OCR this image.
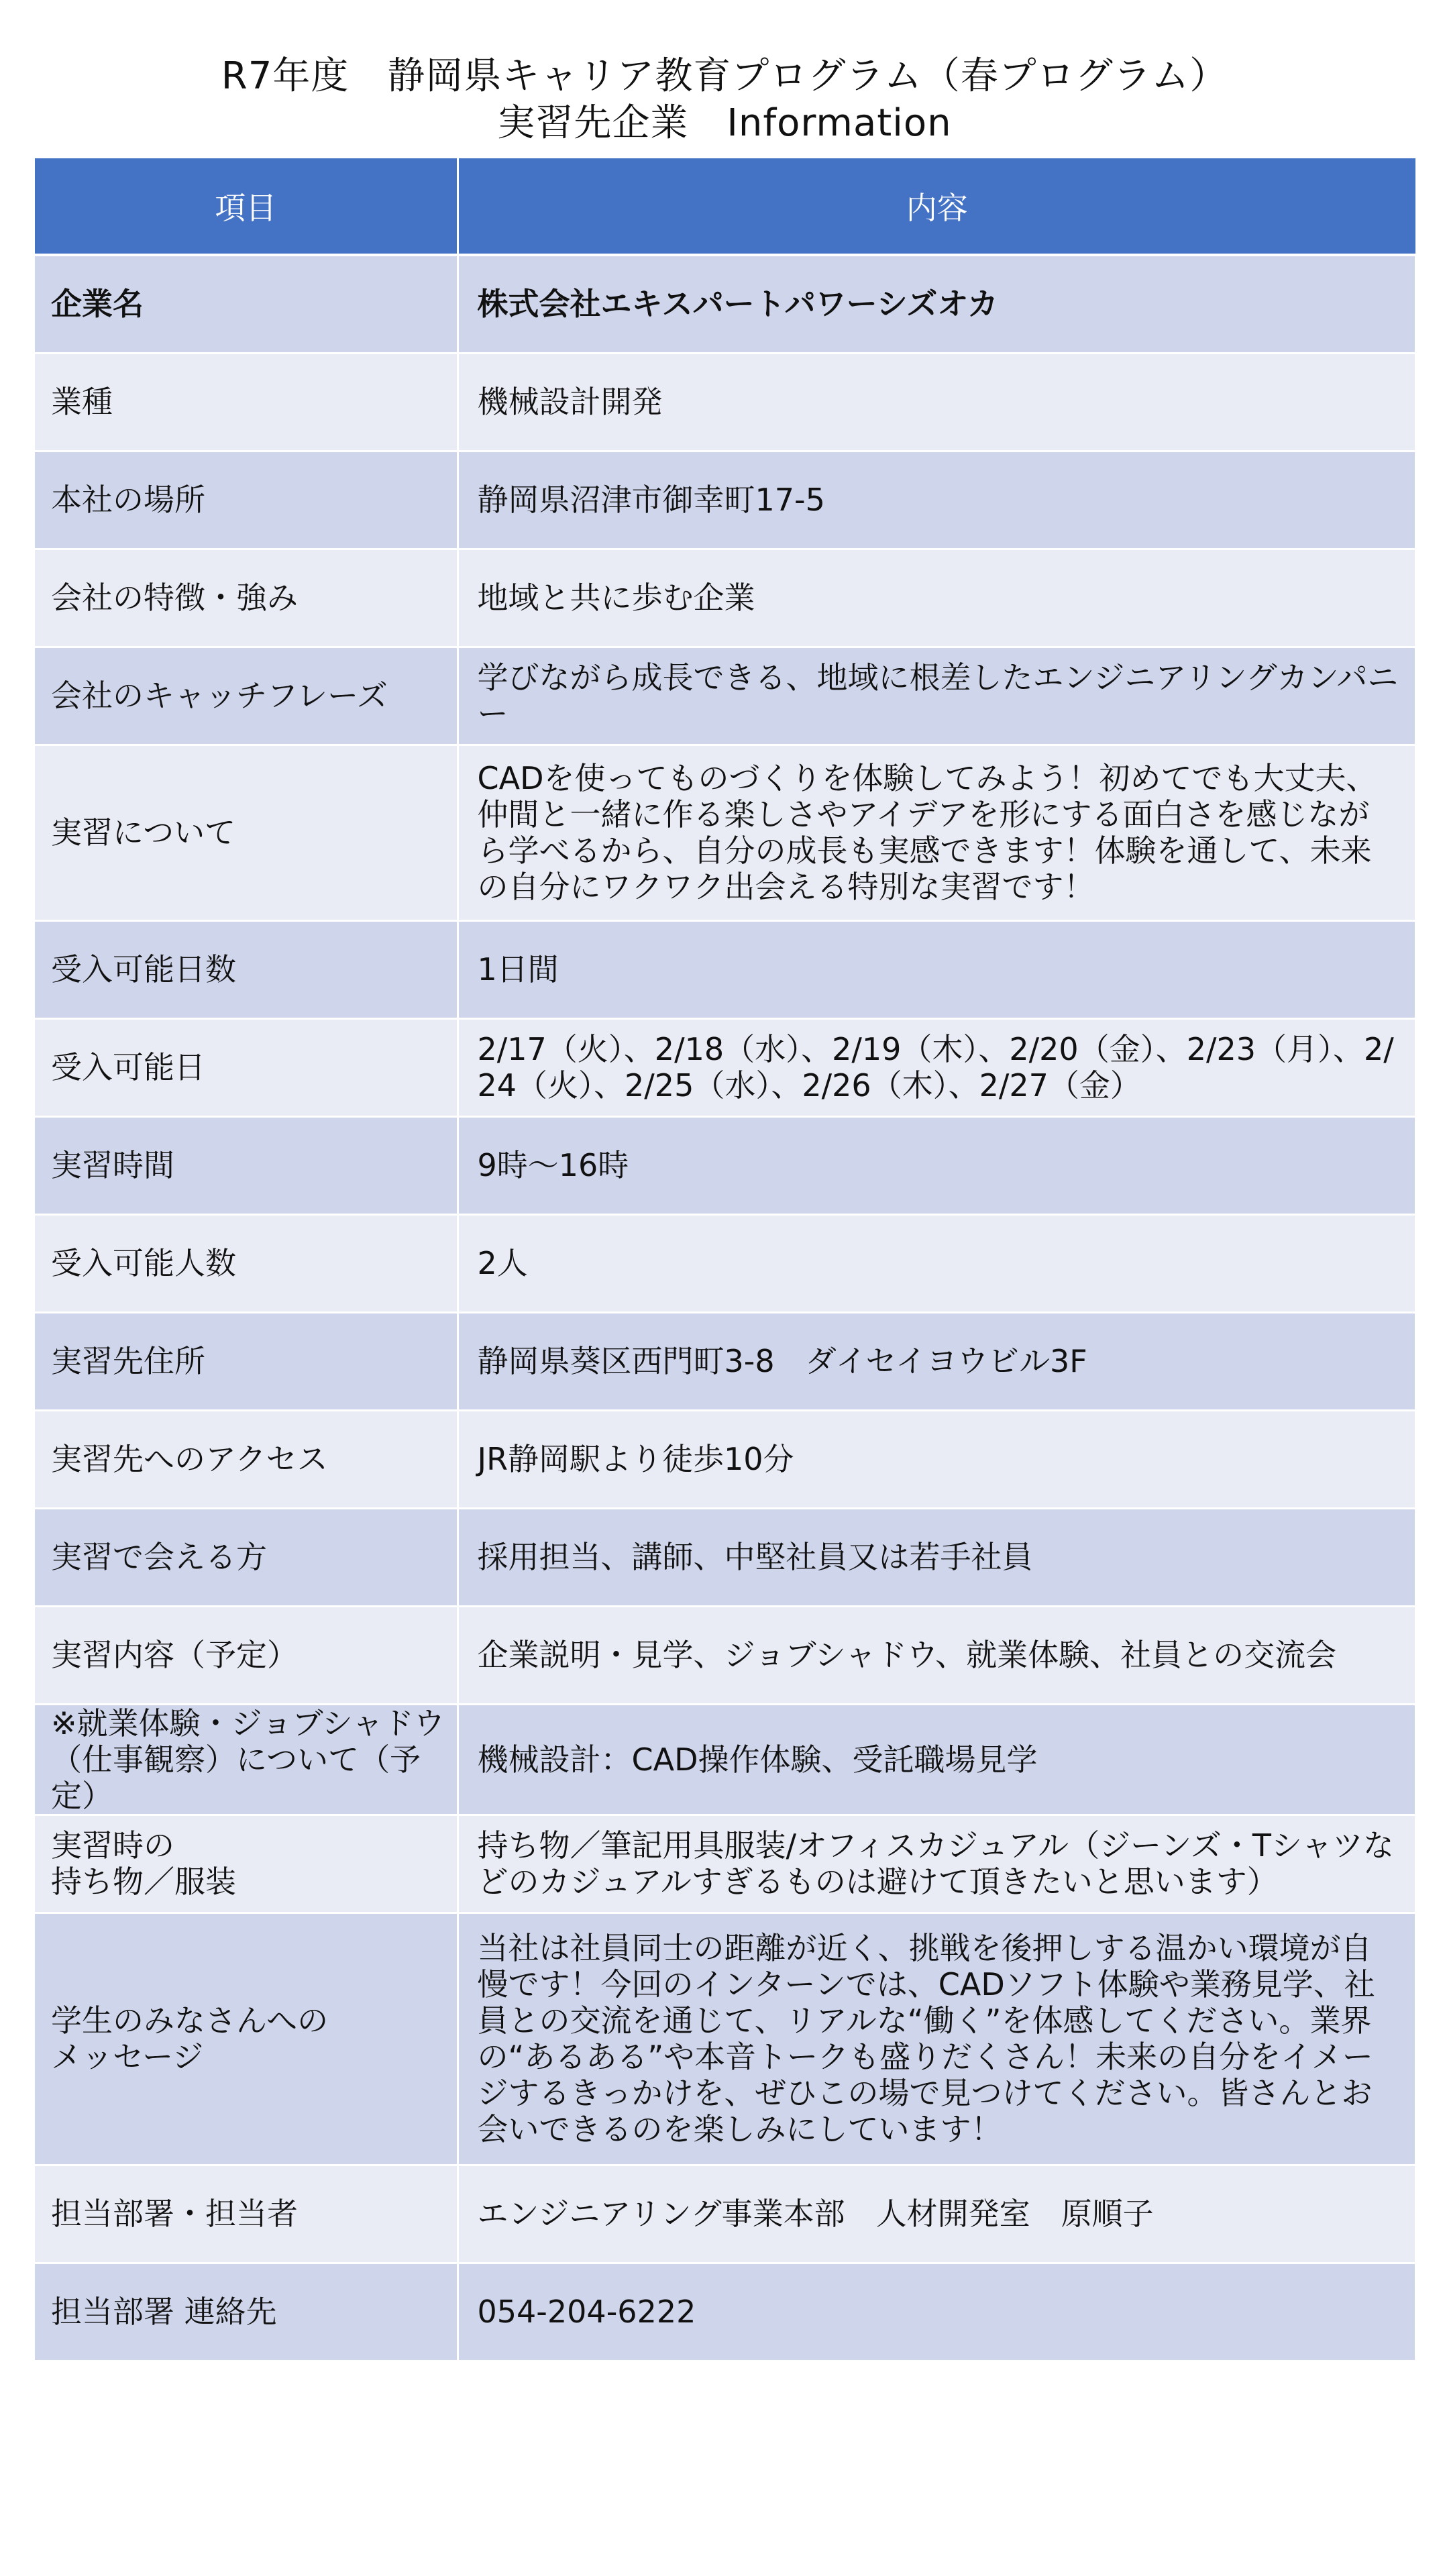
R7年度　静岡県キャリア教育プログラム（春プログラム）
実習先企業　Information
項目	内容
企業名	株式会社エキスパートパワーシズオカ
業種	機械設計開発
本社の場所	静岡県沼津市御幸町17-5
会社の特徴・強み	地域と共に歩む企業
会社のキャッチフレーズ	学びながら成長できる、地域に根差したエンジニアリングカンパニー
実習について	CADを使ってものづくりを体験してみよう！初めてでも大丈夫、仲間と一緒に作る楽しさやアイデアを形にする面白さを感じながら学べるから、自分の成長も実感できます！体験を通して、未来の自分にワクワク出会える特別な実習です！
受入可能日数	1日間
受入可能日	2/17（火）、2/18（水）、2/19（木）、2/20（金）、2/23（月）、2/24（火）、2/25（水）、2/26（木）、2/27（金）
実習時間	9時～16時
受入可能人数	2人
実習先住所	静岡県葵区西門町3-8　ダイセイヨウビル3F
実習先へのアクセス	JR静岡駅より徒歩10分
実習で会える方	採用担当、講師、中堅社員又は若手社員
実習内容（予定）	企業説明・見学、ジョブシャドウ、就業体験、社員との交流会
※就業体験・ジョブシャドウ（仕事観察）について（予定）	機械設計：CAD操作体験、受託職場見学
実習時の
持ち物／服装	持ち物／筆記用具服装/オフィスカジュアル（ジーンズ・Tシャツなどのカジュアルすぎるものは避けて頂きたいと思います）
学生のみなさんへの
メッセージ	当社は社員同士の距離が近く、挑戦を後押しする温かい環境が自慢です！今回のインターンでは、CADソフト体験や業務見学、社員との交流を通じて、リアルな“働く”を体感してください。業界の“あるある”や本音トークも盛りだくさん！未来の自分をイメージするきっかけを、ぜひこの場で見つけてください。皆さんとお会いできるのを楽しみにしています！
担当部署・担当者	エンジニアリング事業本部　人材開発室　原順子
担当部署 連絡先	054-204-6222
